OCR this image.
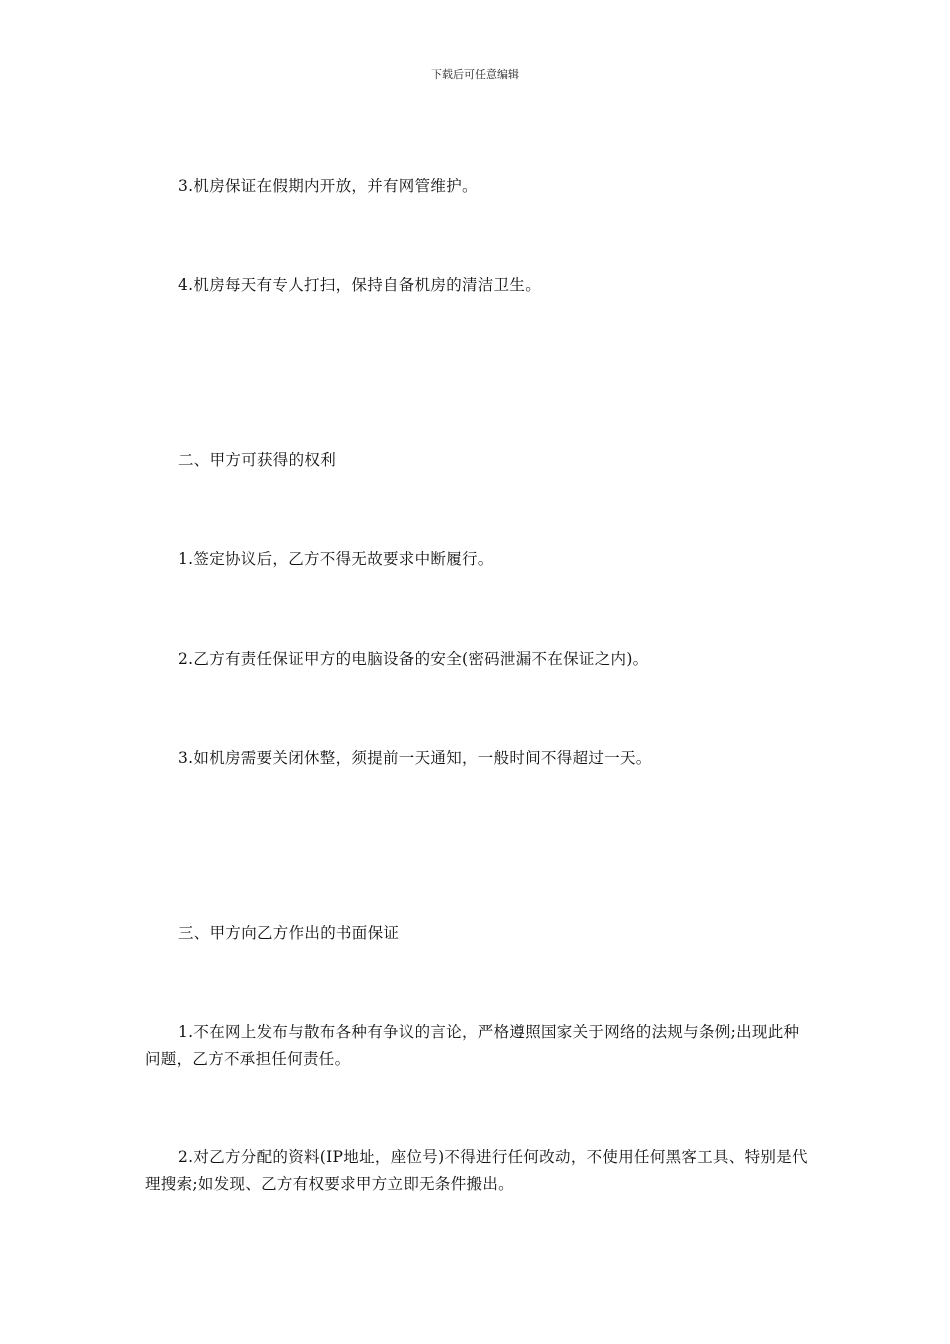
下载后可任意编辑
3.机房保证在假期内开放，并有网管维护。
4.机房每天有专人打扫，保持自备机房的清洁卫生。
二、甲方可获得的权利
1.签定协议后，乙方不得无故要求中断履行。
2.乙方有责任保证甲方的电脑设备的安全(密码泄漏不在保证之内)。
3.如机房需要关闭休整，须提前一天通知，一般时间不得超过一天。
三、甲方向乙方作出的书面保证
1.不在网上发布与散布各种有争议的言论，严格遵照国家关于网络的法规与条例;出现此种问题，乙方不承担任何责任。
2.对乙方分配的资料(IP地址，座位号)不得进行任何改动，不使用任何黑客工具、特别是代理搜索;如发现、乙方有权要求甲方立即无条件搬出。
